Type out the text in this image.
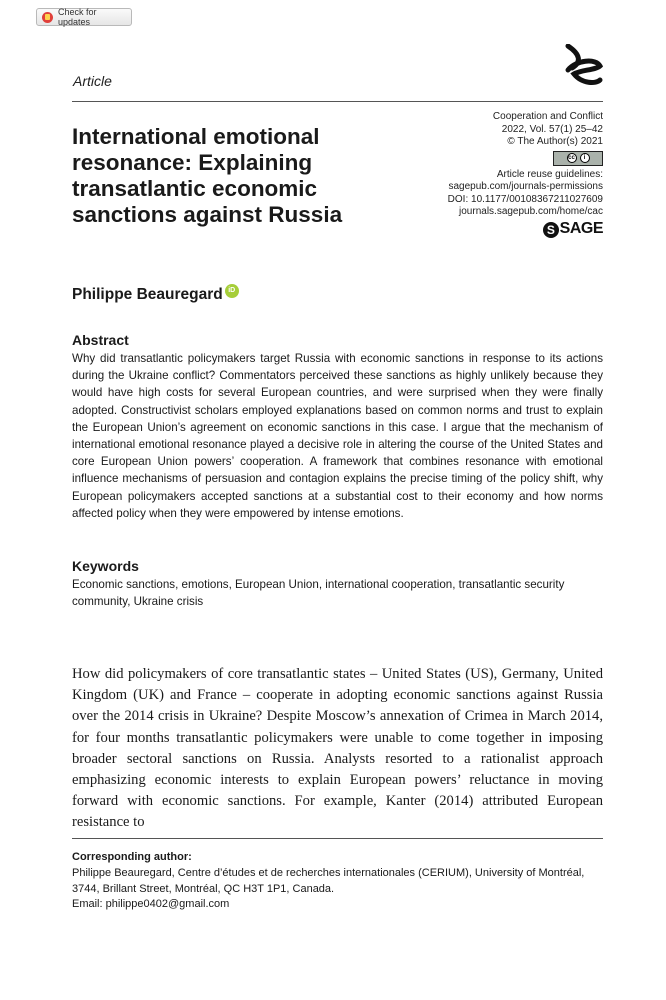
Check for updates
Article
International emotional resonance: Explaining transatlantic economic sanctions against Russia
Cooperation and Conflict
2022, Vol. 57(1) 25–42
© The Author(s) 2021
cc	i
Article reuse guidelines:
sagepub.com/journals-permissions
DOI: 10.1177/00108367211027609
journals.sagepub.com/home/cac
S SAGE
Philippe Beauregard iD
Abstract
Why did transatlantic policymakers target Russia with economic sanctions in response to its actions during the Ukraine conflict? Commentators perceived these sanctions as highly unlikely because they would have high costs for several European countries, and were surprised when they were finally adopted. Constructivist scholars employed explanations based on common norms and trust to explain the European Union’s agreement on economic sanctions in this case. I argue that the mechanism of international emotional resonance played a decisive role in altering the course of the United States and core European Union powers’ cooperation. A framework that combines resonance with emotional influence mechanisms of persuasion and contagion explains the precise timing of the policy shift, why European policymakers accepted sanctions at a substantial cost to their economy and how norms affected policy when they were empowered by intense emotions.
Keywords
Economic sanctions, emotions, European Union, international cooperation, transatlantic security community, Ukraine crisis
How did policymakers of core transatlantic states – United States (US), Germany, United Kingdom (UK) and France – cooperate in adopting economic sanctions against Russia over the 2014 crisis in Ukraine? Despite Moscow’s annexation of Crimea in March 2014, for four months transatlantic policymakers were unable to come together in imposing broader sectoral sanctions on Russia. Analysts resorted to a rationalist approach emphasizing economic interests to explain European powers’ reluctance in moving forward with economic sanctions. For example, Kanter (2014) attributed European resistance to
Corresponding author:
Philippe Beauregard, Centre d’études et de recherches internationales (CERIUM), University of Montréal, 3744, Brillant Street, Montréal, QC H3T 1P1, Canada.
Email: philippe0402@gmail.com
